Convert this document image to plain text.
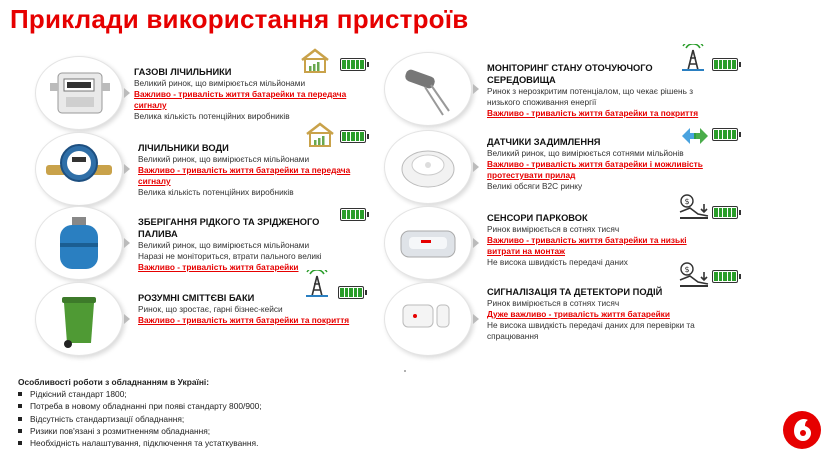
Приклади використання пристроїв
ГАЗОВІ ЛІЧИЛЬНИКИ
Великий ринок, що вимірюється мільйонами
Важливо - тривалість життя батарейки та передача сигналу
Велика кількість потенційних виробників
ЛІЧИЛЬНИКИ ВОДИ
Великий ринок, що вимірюється мільйонами
Важливо - тривалість життя батарейки та передача сигналу
Велика кількість потенційних виробників
ЗБЕРІГАННЯ РІДКОГО ТА ЗРІДЖЕНОГО ПАЛИВА
Великий ринок, що вимірюється мільйонами
Наразі не моніториться, втрати пального великі
Важливо - тривалість життя батарейки
РОЗУМНІ СМІТТЄВІ БАКИ
Ринок, що зростає, гарні бізнес-кейси
Важливо - тривалість життя батарейки та покриття
МОНІТОРИНГ СТАНУ ОТОЧУЮЧОГО СЕРЕДОВИЩА
Ринок з нерозкритим потенціалом, що чекає рішень з низького споживання енергії
Важливо - тривалість життя батарейки та покриття
ДАТЧИКИ ЗАДИМЛЕННЯ
Великий ринок, що вимірюється сотнями мільйонів
Важливо - тривалість життя батарейки і можливість протестувати прилад
Великі обсяги B2C ринку
СЕНСОРИ ПАРКОВОК
Ринок вимірюється в сотнях тисяч
Важливо - тривалість життя батарейки та низькі витрати на монтаж
Не висока швидкість передачі даних
$
СИГНАЛІЗАЦІЯ ТА ДЕТЕКТОРИ ПОДІЙ
Ринок вимірюється в сотнях тисяч
Дуже важливо - тривалість життя батарейки
Не висока швидкість передачі даних для перевірки та спрацювання
$
Особливості роботи з обладнанням в Україні:
Рідкісний стандарт 1800;
Потреба в новому обладнанні при появі стандарту 800/900;
Відсутність стандартизації обладнання;
Ризики пов'язані з розмитненням обладнання;
Необхідність налаштування, підключення та устаткування.
